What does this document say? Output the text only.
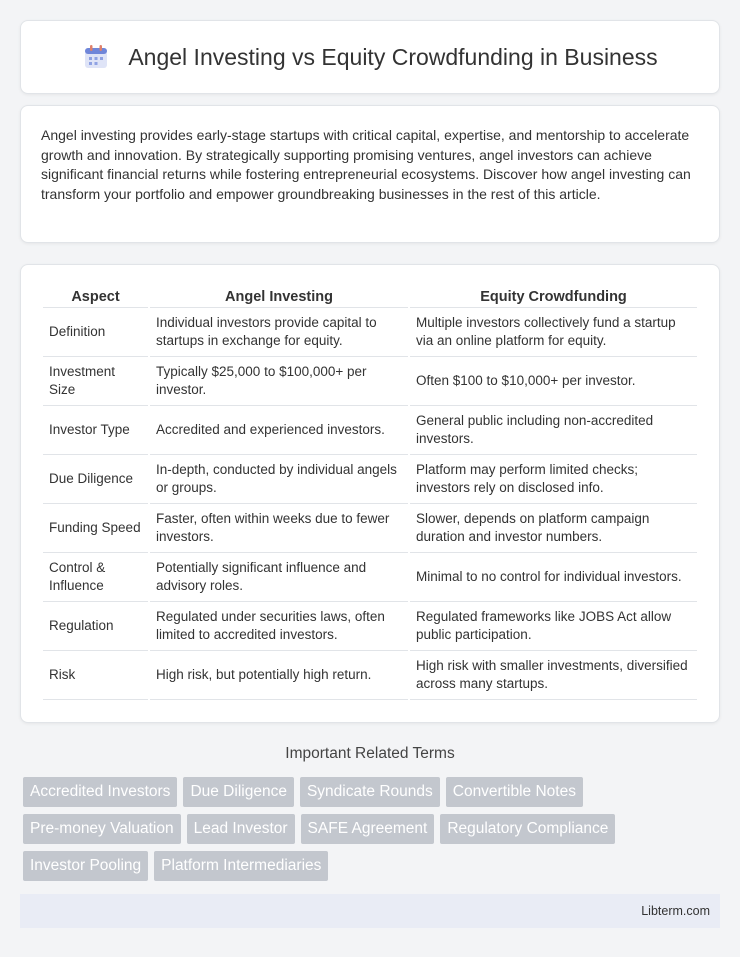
Angel Investing vs Equity Crowdfunding in Business

Angel investing provides early-stage startups with critical capital, expertise, and mentorship to accelerate growth and innovation. By strategically supporting promising ventures, angel investors can achieve significant financial returns while fostering entrepreneurial ecosystems. Discover how angel investing can transform your portfolio and empower groundbreaking businesses in the rest of this article.

Aspect	Angel Investing	Equity Crowdfunding
Definition	Individual investors provide capital to startups in exchange for equity.	Multiple investors collectively fund a startup via an online platform for equity.
Investment Size	Typically $25,000 to $100,000+ per investor.	Often $100 to $10,000+ per investor.
Investor Type	Accredited and experienced investors.	General public including non-accredited investors.
Due Diligence	In-depth, conducted by individual angels or groups.	Platform may perform limited checks; investors rely on disclosed info.
Funding Speed	Faster, often within weeks due to fewer investors.	Slower, depends on platform campaign duration and investor numbers.
Control & Influence	Potentially significant influence and advisory roles.	Minimal to no control for individual investors.
Regulation	Regulated under securities laws, often limited to accredited investors.	Regulated frameworks like JOBS Act allow public participation.
Risk	High risk, but potentially high return.	High risk with smaller investments, diversified across many startups.
Important Related Terms
Accredited Investors	Due Diligence	Syndicate Rounds	Convertible Notes
Pre-money Valuation	Lead Investor	SAFE Agreement	Regulatory Compliance
Investor Pooling	Platform Intermediaries
Libterm.com
